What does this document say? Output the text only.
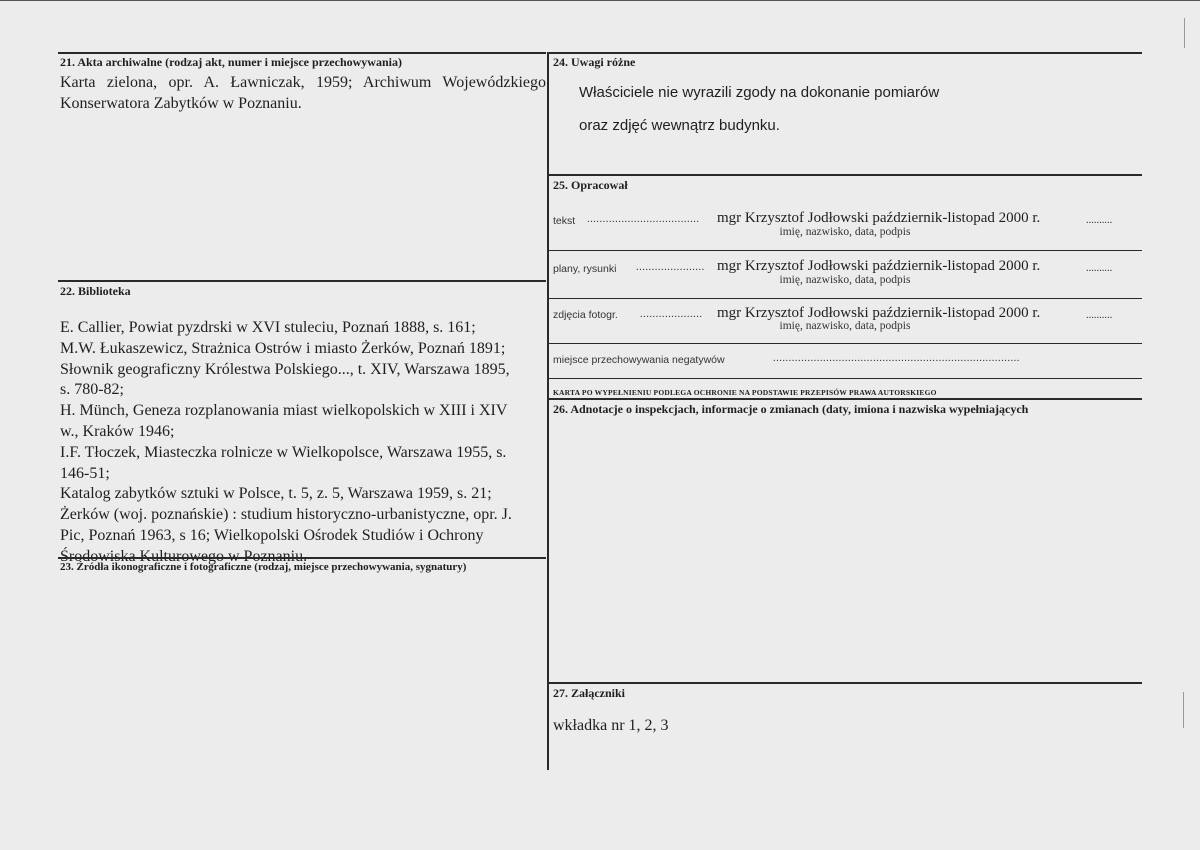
21. Akta archiwalne (rodzaj akt, numer i miejsce przechowywania)
Karta zielona, opr. A. Ławniczak, 1959; Archiwum Wojewódzkiego Konserwatora Zabytków w Poznaniu.
22. Biblioteka
E. Callier, Powiat pyzdrski w XVI stuleciu, Poznań 1888, s. 161;
M.W. Łukaszewicz, Strażnica Ostrów i miasto Żerków, Poznań 1891;
Słownik geograficzny Królestwa Polskiego..., t. XIV, Warszawa 1895,
s. 780-82;
H. Münch, Geneza rozplanowania miast wielkopolskich w XIII i XIV
w., Kraków 1946;
I.F. Tłoczek, Miasteczka rolnicze w Wielkopolsce, Warszawa 1955, s.
146-51;
Katalog zabytków sztuki w Polsce, t. 5, z. 5, Warszawa 1959, s. 21;
Żerków (woj. poznańskie) : studium historyczno-urbanistyczne, opr. J.
Pic, Poznań 1963, s 16; Wielkopolski Ośrodek Studiów i Ochrony
Środowiska Kulturowego w Poznaniu.
23. Źródła ikonograficzne i fotograficzne (rodzaj, miejsce przechowywania, sygnatury)
24. Uwagi różne
Właściciele nie wyrazili zgody na dokonanie pomiarów
oraz zdjęć wewnątrz budynku.
25. Opracował
tekst .................................... mgr Krzysztof Jodłowski październik-listopad 2000 r.	..........
imię, nazwisko, data, podpis
plany, rysunki ...................... mgr Krzysztof Jodłowski październik-listopad 2000 r.	..........
imię, nazwisko, data, podpis
zdjęcia fotogr. .................... mgr Krzysztof Jodłowski październik-listopad 2000 r.	..........
imię, nazwisko, data, podpis
miejsce przechowywania negatywów	...............................................................................
KARTA PO WYPEŁNIENIU PODLEGA OCHRONIE NA PODSTAWIE PRZEPISÓW PRAWA AUTORSKIEGO
26. Adnotacje o inspekcjach, informacje o zmianach (daty, imiona i nazwiska wypełniających
27. Załączniki
wkładka nr 1, 2, 3
